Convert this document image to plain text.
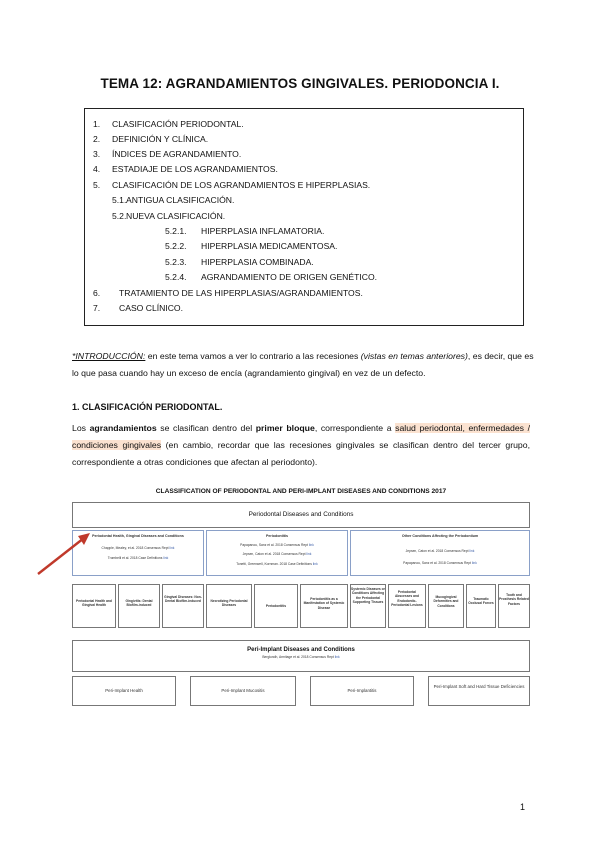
TEMA 12: AGRANDAMIENTOS GINGIVALES. PERIODONCIA I.
1. CLASIFICACIÓN PERIODONTAL.
2. DEFINICIÓN Y CLÍNICA.
3. ÍNDICES DE AGRANDAMIENTO.
4. ESTADIAJE DE LOS AGRANDAMIENTOS.
5. CLASIFICACIÓN DE LOS AGRANDAMIENTOS E HIPERPLASIAS.
5.1.ANTIGUA CLASIFICACIÓN.
5.2.NUEVA CLASIFICACIÓN.
5.2.1. HIPERPLASIA INFLAMATORIA.
5.2.2. HIPERPLASIA MEDICAMENTOSA.
5.2.3. HIPERPLASIA COMBINADA.
5.2.4. AGRANDAMIENTO DE ORIGEN GENÉTICO.
6. TRATAMIENTO DE LAS HIPERPLASIAS/AGRANDAMIENTOS.
7. CASO CLÍNICO.
*INTRODUCCIÓN: en este tema vamos a ver lo contrario a las recesiones (vistas en temas anteriores), es decir, que es lo que pasa cuando hay un exceso de encía (agrandamiento gingival) en vez de un defecto.
1. CLASIFICACIÓN PERIODONTAL.
Los agrandamientos se clasifican dentro del primer bloque, correspondiente a salud periodontal, enfermedades / condiciones gingivales (en cambio, recordar que las recesiones gingivales se clasifican dentro del tercer grupo, correspondiente a otras condiciones que afectan al periodonto).
CLASSIFICATION OF PERIODONTAL AND PERI-IMPLANT DISEASES AND CONDITIONS 2017
Periodontal Diseases and Conditions
Periodontal Health, Gingival Diseases and Conditions
Chapple, Mealey, et al. 2018 Consensus Rept link
Trombelli et al. 2018 Case Definitions link
Periodontitis
Papapanou, Sanz et al. 2018 Consensus Rept link
Jepsen, Caton et al. 2018 Consensus Rept link
Tonetti, Greenwell, Kornman. 2018 Case Definitions link
Other Conditions Affecting the Periodontium
Jepsen, Caton et al. 2018 Consensus Rept link
Papapanou, Sanz et al. 2018 Consensus Rept link
Periodontal Health and Gingival Health
Gingivitis: Dental Biofilm-induced
Gingival Diseases: Non-Dental Biofilm-induced	Necrotizing Periodontal Diseases	Periodontitis
Periodontitis as a Manifestation of Systemic Disease
Systemic Diseases or Conditions Affecting the Periodontal Supporting Tissues
Periodontal Abscesses and Endodontic-Periodontal Lesions
Mucogingival Deformities and Conditions
Traumatic Occlusal Forces
Tooth and Prosthesis Related Factors
Peri-Implant Diseases and Conditions
Berglundh, Armitage et al. 2018 Consensus Rept link
Peri-Implant Health	Peri-Implant Mucositis	Peri-Implantitis
Peri-Implant Soft and Hard Tissue Deficiencies
1
